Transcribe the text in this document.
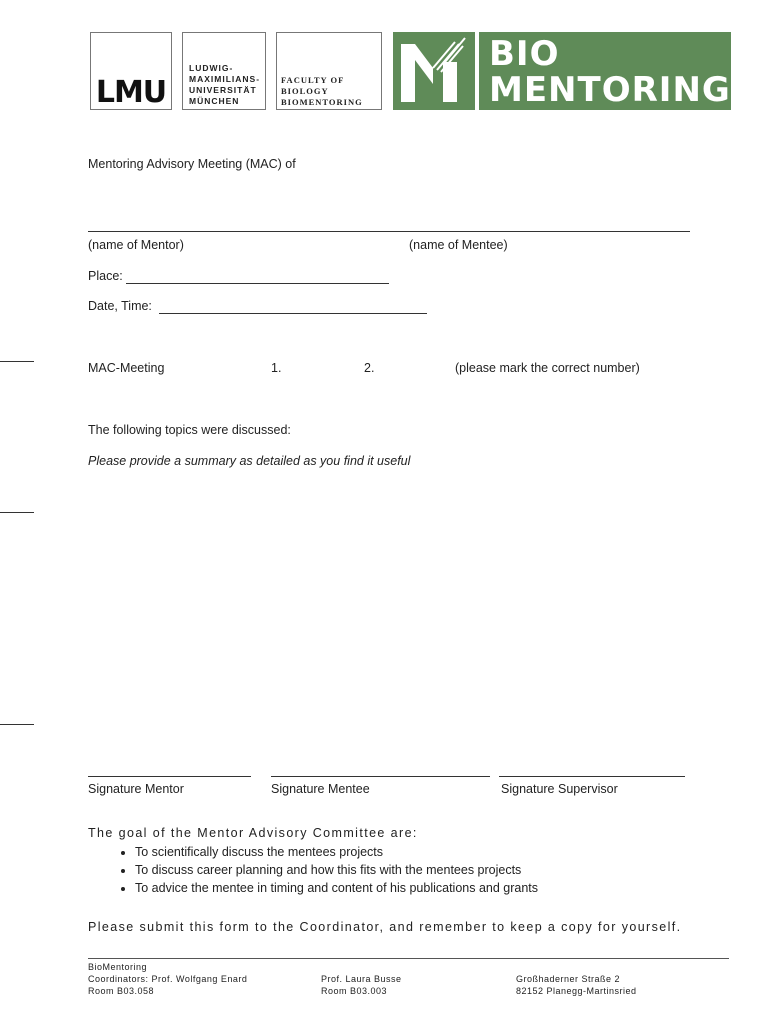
LMU
LUDWIG-
MAXIMILIANS-
UNIVERSITÄT
MÜNCHEN
FACULTY OF
BIOLOGY
BIOMENTORING
BIO
MENTORING
Mentoring Advisory Meeting (MAC) of
(name of Mentor)	(name of Mentee)
Place:
Date, Time:
MAC-Meeting	1.	2.	(please mark the correct number)
The following topics were discussed:
Please provide a summary as detailed as you find it useful
Signature Mentor	Signature Mentee	Signature Supervisor
The goal of the Mentor Advisory Committee are:
• To scientifically discuss the mentees projects
• To discuss career planning and how this fits with the mentees projects
• To advice the mentee in timing and content of his publications and grants
Please submit this form to the Coordinator, and remember to keep a copy for yourself.
BioMentoring
Coordinators: Prof. Wolfgang Enard
Room B03.058
Prof. Laura Busse
Room B03.003
Großhaderner Straße 2
82152 Planegg-Martinsried
